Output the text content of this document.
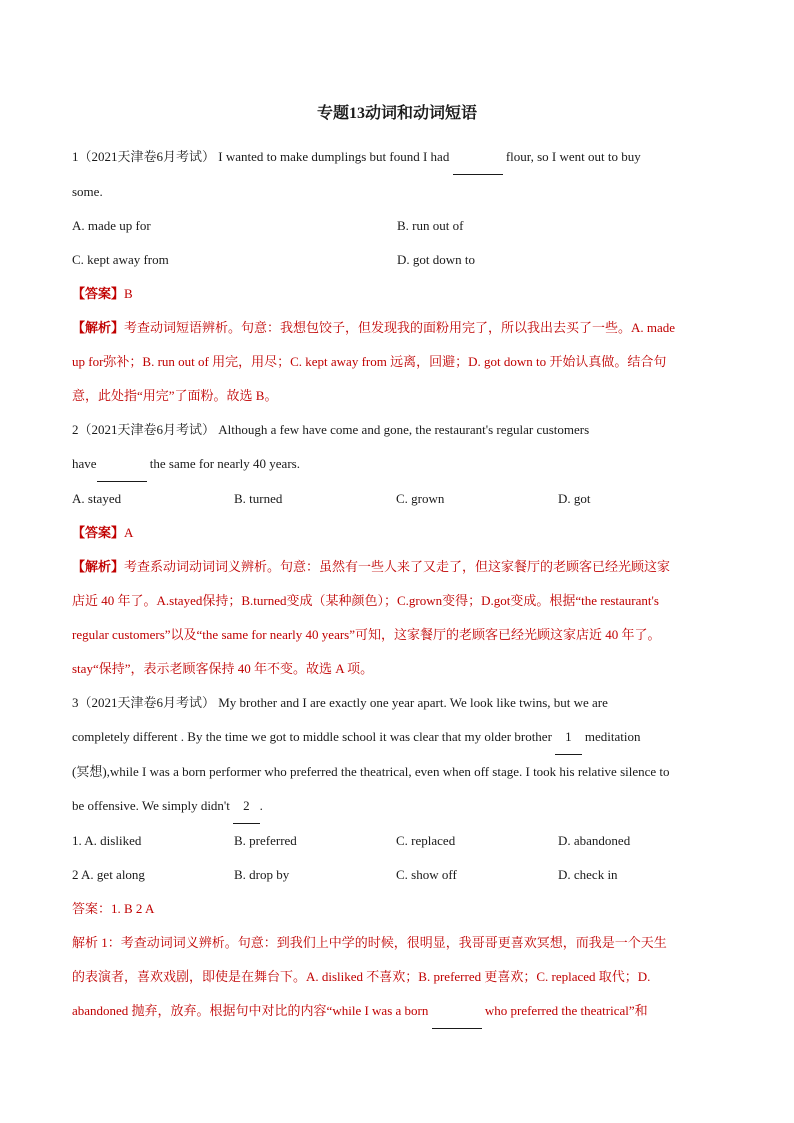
专题13动词和动词短语

1（2021天津卷6月考试） I wanted to make dumplings but found I had	flour, so I went out to buy

some.

A. made up for	B. run out of
C. kept away from	D. got down to

【答案】B

【解析】考查动词短语辨析。句意：我想包饺子，但发现我的面粉用完了，所以我出去买了一些。A. made

up for弥补；B. run out of 用完，用尽；C. kept away from 远离，回避；D. got down to 开始认真做。结合句

意，此处指“用完”了面粉。故选 B。

2（2021天津卷6月考试） Although a few have come and gone, the restaurant's regular customers

have	the same for nearly 40 years.

A. stayed	B. turned	C. grown	D. got

【答案】A

【解析】考查系动词动词词义辨析。句意：虽然有一些人来了又走了，但这家餐厅的老顾客已经光顾这家

店近 40 年了。A.stayed保持；B.turned变成（某种颜色）；C.grown变得；D.got变成。根据“the restaurant's

regular customers”以及“the same for nearly 40 years”可知，这家餐厅的老顾客已经光顾这家店近 40 年了。

stay“保持”，表示老顾客保持 40 年不变。故选 A 项。

3（2021天津卷6月考试） My brother and I are exactly one year apart. We look like twins, but we are

completely different . By the time we got to middle school it was clear that my older brother 1 meditation

(冥想),while I was a born performer who preferred the theatrical, even when off stage. I took his relative silence to

be offensive. We simply didn't 2 .

1. A. disliked	B. preferred	C. replaced	D. abandoned
2 A. get along	B. drop by	C. show off	D. check in

答案：1. B 2 A

解析 1：考查动词词义辨析。句意：到我们上中学的时候，很明显，我哥哥更喜欢冥想，而我是一个天生

的表演者，喜欢戏剧，即使是在舞台下。A. disliked 不喜欢；B. preferred 更喜欢；C. replaced 取代；D.

abandoned 抛弃，放弃。根据句中对比的内容“while I was a born	who preferred the theatrical”和
